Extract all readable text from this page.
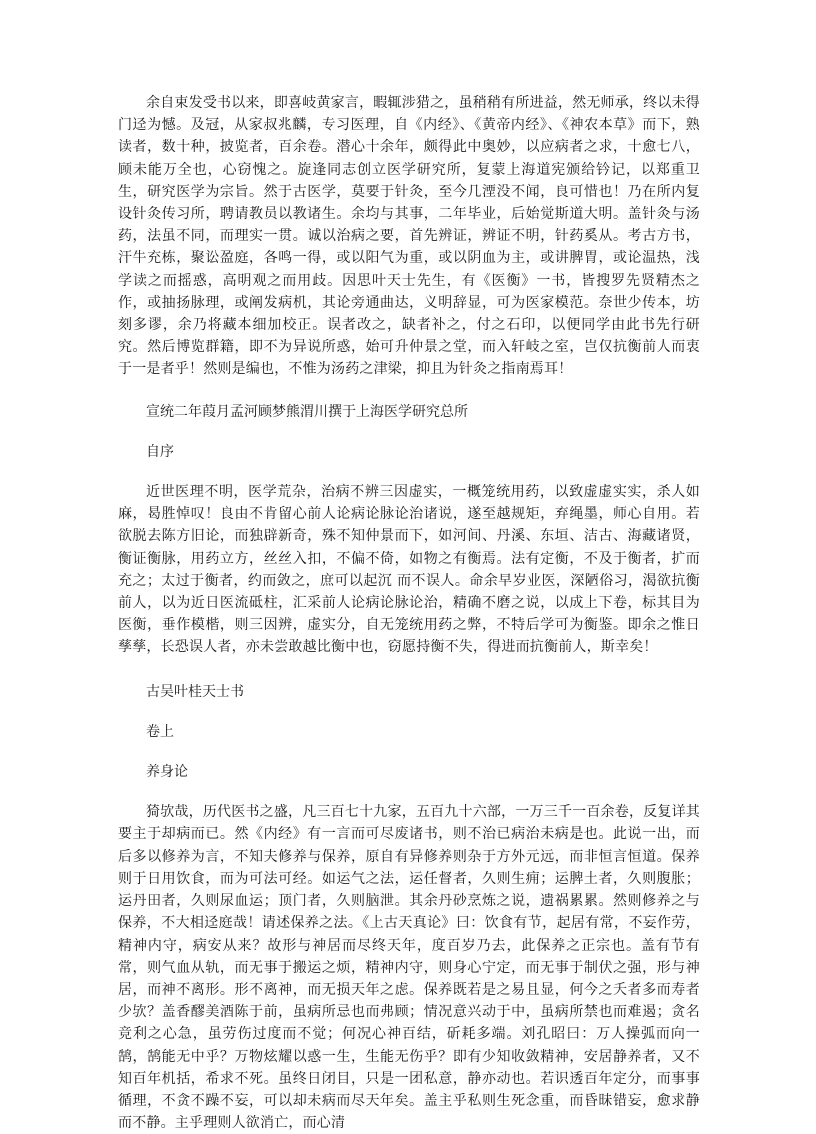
余自束发受书以来，即喜岐黄家言，暇辄涉猎之，虽稍稍有所进益，然无师承，终以未得门迳为憾。及冠，从家叔兆麟，专习医理，自《内经》、《黄帝内经》、《神农本草》而下，熟读者，数十种，披览者，百余卷。潜心十余年，颇得此中奥妙，以应病者之求，十愈七八，顾未能万全也，心窃愧之。旋逢同志创立医学研究所，复蒙上海道宪颁给钤记，以郑重卫生，研究医学为宗旨。然于古医学，莫要于针灸，至今几湮没不闻，良可惜也！乃在所内复设针灸传习所，聘请教员以教诸生。余均与其事，二年毕业，后始觉斯道大明。盖针灸与汤药，法虽不同，而理实一贯。诚以治病之要，首先辨证，辨证不明，针药奚从。考古方书，汗牛充栋，聚讼盈庭，各鸣一得，或以阳气为重，或以阴血为主，或讲脾胃，或论温热，浅学读之而摇惑，高明观之而用歧。因思叶天士先生，有《医衡》一书，皆搜罗先贤精杰之作，或抽扬脉理，或阐发病机，其论旁通曲达，义明辞显，可为医家模范。奈世少传本，坊刻多谬，余乃将藏本细加校正。误者改之，缺者补之，付之石印，以便同学由此书先行研究。然后博览群籍，即不为异说所惑，始可升仲景之堂，而入轩岐之室，岂仅抗衡前人而衷于一是者乎！然则是编也，不惟为汤药之津梁，抑且为针灸之指南焉耳！

宣统二年葭月孟河顾梦熊渭川撰于上海医学研究总所

自序

近世医理不明，医学荒杂，治病不辨三因虚实，一概笼统用药，以致虚虚实实，杀人如麻，曷胜悼叹！良由不肯留心前人论病论脉论治诸说，遂至越规矩，弃绳墨，师心自用。若欲脱去陈方旧论，而独辟新奇，殊不知仲景而下，如河间、丹溪、东垣、洁古、海藏诸贤，衡证衡脉，用药立方，丝丝入扣，不偏不倚，如物之有衡焉。法有定衡，不及于衡者，扩而充之；太过于衡者，约而敛之，庶可以起沉 而不误人。命余早岁业医，深陋俗习，渴欲抗衡前人，以为近日医流砥柱，汇采前人论病论脉论治，精确不磨之说，以成上下卷，标其目为医衡，垂作模楷，则三因辨，虚实分，自无笼统用药之弊，不特后学可为衡鉴。即余之惟日孳孳，长恐误人者，亦未尝敢越比衡中也，窃愿持衡不失，得进而抗衡前人，斯幸矣！

古吴叶桂天士书

卷上

养身论

猗欤哉，历代医书之盛，凡三百七十九家，五百九十六部，一万三千一百余卷，反复详其要主于却病而已。然《内经》有一言而可尽废诸书，则不治已病治未病是也。此说一出，而后多以修养为言，不知夫修养与保养，原自有异修养则杂于方外元远，而非恒言恒道。保养则于日用饮食，而为可法可经。如运气之法，运任督者，久则生痈；运脾土者，久则腹胀；运丹田者，久则尿血运；顶门者，久则脑泄。其余丹砂烹炼之说，遗祸累累。然则修养之与保养，不大相迳庭哉！请述保养之法。《上古天真论》曰：饮食有节，起居有常，不妄作劳，精神内守，病安从来？故形与神居而尽终天年，度百岁乃去，此保养之正宗也。盖有节有常，则气血从轨，而无事于搬运之烦，精神内守，则身心宁定，而无事于制伏之强，形与神居，而神不离形。形不离神，而无损天年之虑。保养既若是之易且显，何今之夭者多而寿者少欤？盖香醪美酒陈于前，虽病所忌也而弗顾；情况意兴动于中，虽病所禁也而难遏；贪名竞利之心急，虽劳伤过度而不觉；何况心神百结，斫耗多端。刘孔昭曰：万人操弧而向一鹄，鹄能无中乎？万物炫耀以惑一生，生能无伤乎？即有少知收敛精神，安居静养者，又不知百年机括，希求不死。虽终日闭目，只是一团私意，静亦动也。若识透百年定分，而事事循理，不贪不躁不妄，可以却未病而尽天年矣。盖主乎私则生死念重，而昏昧错妄，愈求静而不静。主乎理则人欲消亡，而心清
